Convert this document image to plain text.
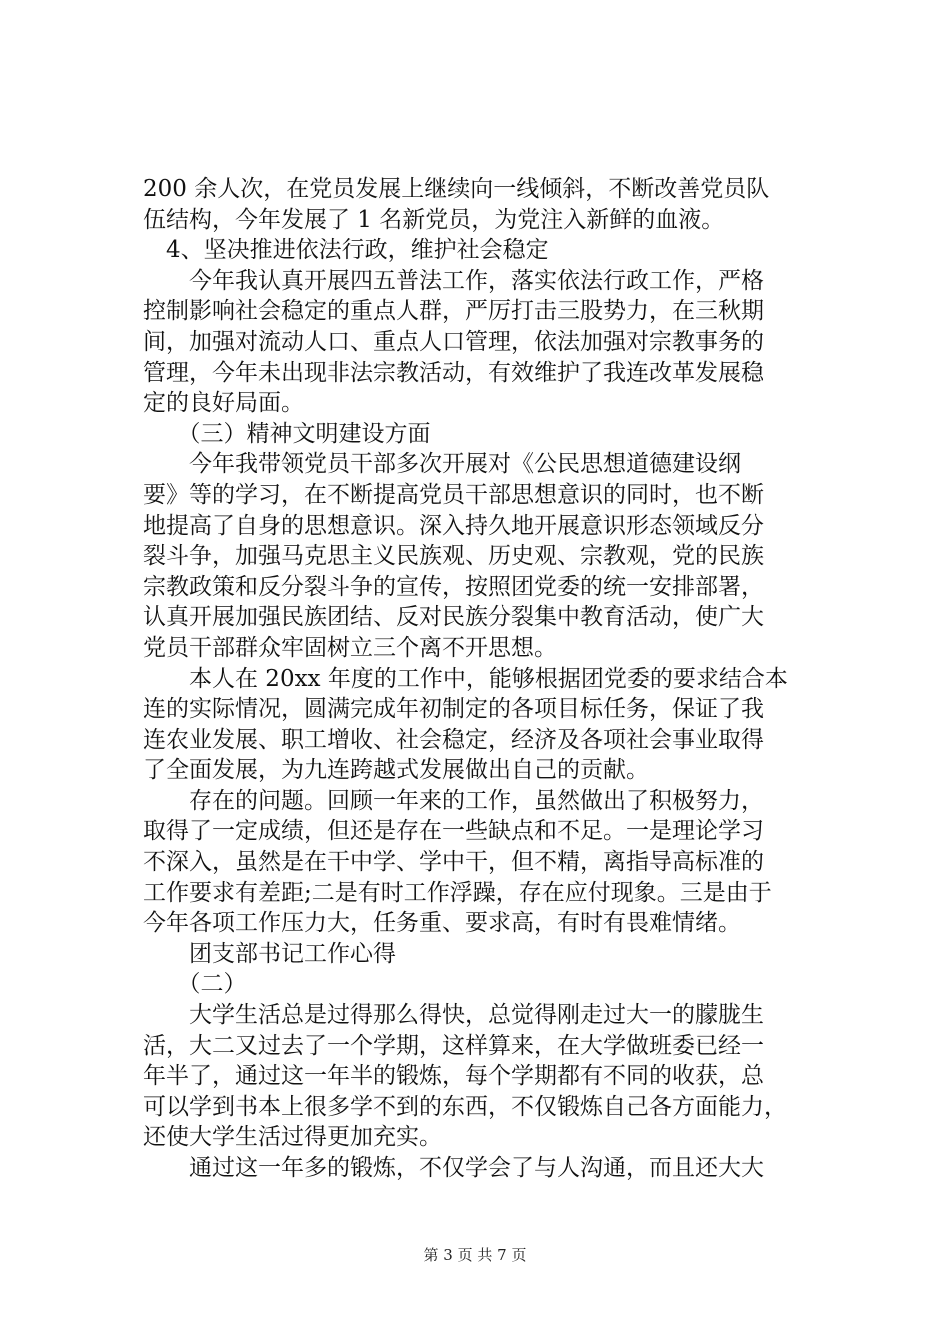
200 余人次，在党员发展上继续向一线倾斜，不断改善党员队
伍结构，今年发展了 1 名新党员，为党注入新鲜的血液。
　4、坚决推进依法行政，维护社会稳定
　　今年我认真开展四五普法工作，落实依法行政工作，严格
控制影响社会稳定的重点人群，严厉打击三股势力，在三秋期
间，加强对流动人口、重点人口管理，依法加强对宗教事务的
管理，今年未出现非法宗教活动，有效维护了我连改革发展稳
定的良好局面。
　　（三）精神文明建设方面
　　今年我带领党员干部多次开展对《公民思想道德建设纲
要》等的学习，在不断提高党员干部思想意识的同时，也不断
地提高了自身的思想意识。深入持久地开展意识形态领域反分
裂斗争，加强马克思主义民族观、历史观、宗教观，党的民族
宗教政策和反分裂斗争的宣传，按照团党委的统一安排部署，
认真开展加强民族团结、反对民族分裂集中教育活动，使广大
党员干部群众牢固树立三个离不开思想。
　　本人在 20xx 年度的工作中，能够根据团党委的要求结合本
连的实际情况，圆满完成年初制定的各项目标任务，保证了我
连农业发展、职工增收、社会稳定，经济及各项社会事业取得
了全面发展，为九连跨越式发展做出自己的贡献。
　　存在的问题。回顾一年来的工作，虽然做出了积极努力，
取得了一定成绩，但还是存在一些缺点和不足。一是理论学习
不深入，虽然是在干中学、学中干，但不精，离指导高标准的
工作要求有差距;二是有时工作浮躁，存在应付现象。三是由于
今年各项工作压力大，任务重、要求高，有时有畏难情绪。
　　团支部书记工作心得
　　（二）
　　大学生活总是过得那么得快，总觉得刚走过大一的朦胧生
活，大二又过去了一个学期，这样算来，在大学做班委已经一
年半了，通过这一年半的锻炼，每个学期都有不同的收获，总
可以学到书本上很多学不到的东西，不仅锻炼自己各方面能力，
还使大学生活过得更加充实。
　　通过这一年多的锻炼，不仅学会了与人沟通，而且还大大
第 3 页 共 7 页
